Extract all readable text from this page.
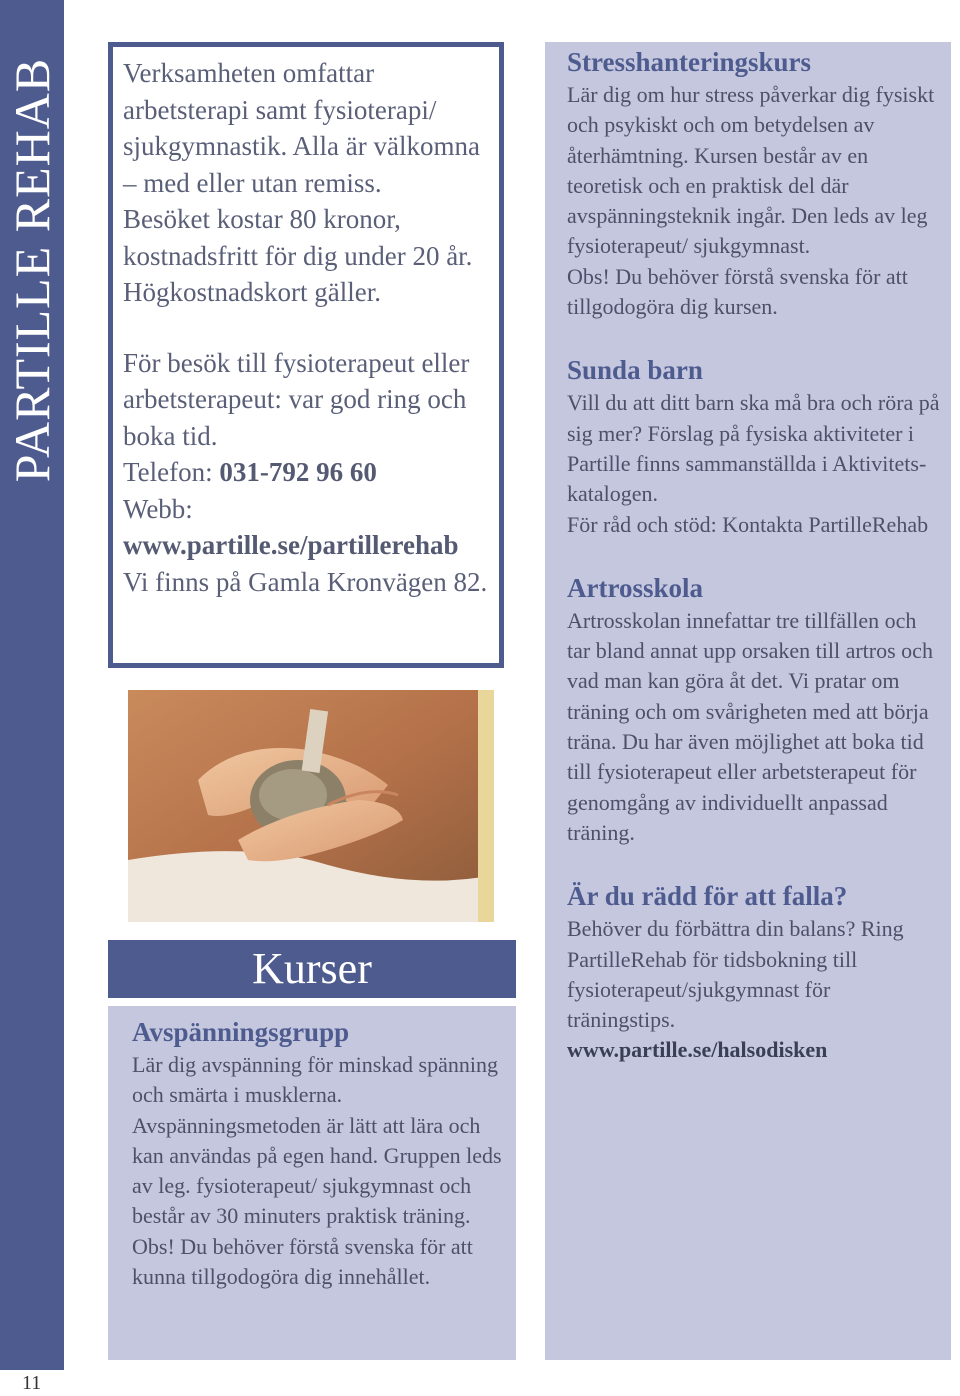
PARTILLE REHAB
11

Verksamheten omfattar arbetsterapi samt fysioterapi/ sjukgymnastik. Alla är välkomna – med eller utan remiss.

Besöket kostar 80 kronor, kostnadsfritt för dig under 20 år. Högkostnadskort gäller.

För besök till fysioterapeut eller arbetsterapeut: var god ring och boka tid.

Telefon: 031-792 96 60

Webb:

www.partille.se/partillerehab

Vi finns på Gamla Kronvägen 82.

Kurser

Avspänningsgrupp

Lär dig avspänning för minskad spänning och smärta i musklerna. Avspänningsmetoden är lätt att lära och kan användas på egen hand. Gruppen leds av leg. fysioterapeut/ sjukgymnast och består av 30 minuters praktisk träning.

Obs! Du behöver förstå svenska för att kunna tillgodogöra dig innehållet.

Stresshanteringskurs

Lär dig om hur stress påverkar dig fysiskt och psykiskt och om betydelsen av återhämtning. Kursen består av en teoretisk och en praktisk del där avspänningsteknik ingår. Den leds av leg fysioterapeut/ sjukgymnast.

Obs! Du behöver förstå svenska för att tillgodogöra dig kursen.

Sunda barn

Vill du att ditt barn ska må bra och röra på sig mer? Förslag på fysiska aktiviteter i Partille finns sammanställda i Aktivitets-katalogen.

För råd och stöd: Kontakta PartilleRehab

Artrosskola

Artrosskolan innefattar tre tillfällen och tar bland annat upp orsaken till artros och vad man kan göra åt det. Vi pratar om träning och om svårigheten med att börja träna. Du har även möjlighet att boka tid till fysioterapeut eller arbetsterapeut för genomgång av individuellt anpassad träning.

Är du rädd för att falla?

Behöver du förbättra din balans? Ring PartilleRehab för tidsbokning till fysioterapeut/sjukgymnast för träningstips.

www.partille.se/halsodisken
